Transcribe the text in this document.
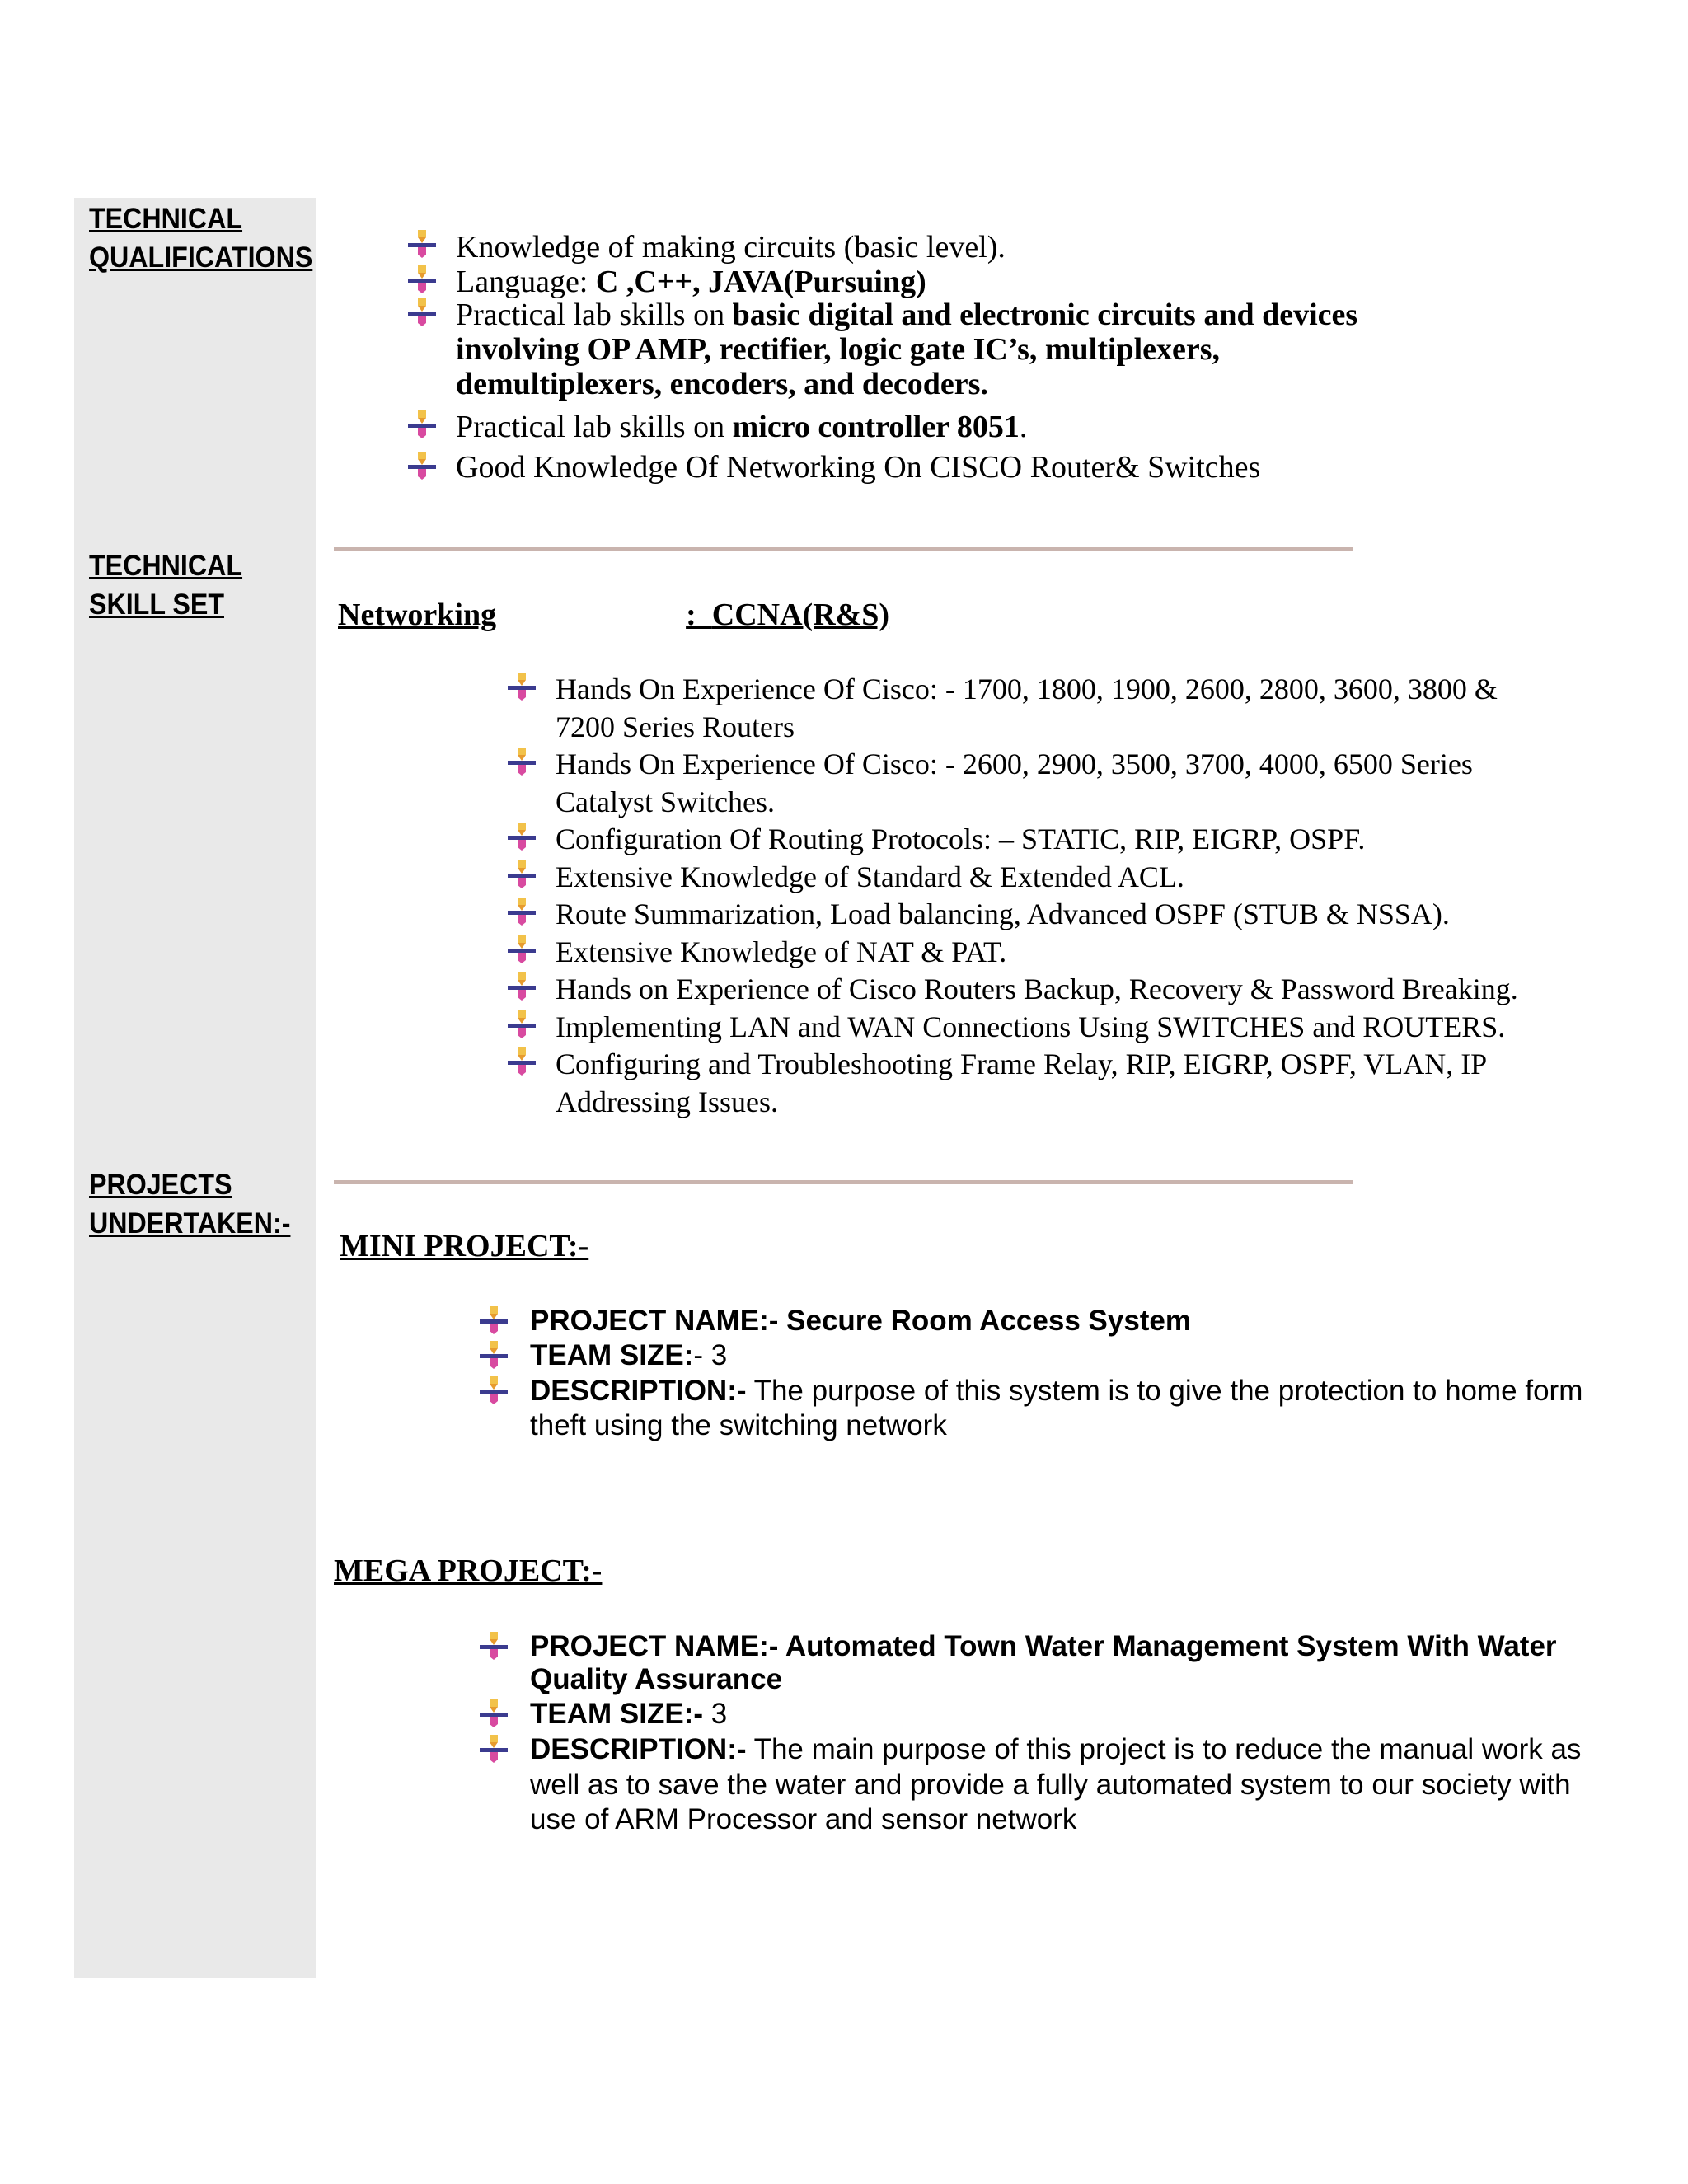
TECHNICAL
QUALIFICATIONS
TECHNICAL
SKILL SET
PROJECTS
UNDERTAKEN:-
Knowledge of making circuits (basic level).
Language: C ,C++, JAVA(Pursuing)
Practical lab skills on basic digital and electronic circuits and devices
involving OP AMP, rectifier, logic gate IC’s, multiplexers,
demultiplexers, encoders, and decoders.
Practical lab skills on micro controller 8051.
Good Knowledge Of Networking On CISCO Router& Switches
Networking	: CCNA(R&S)
Hands On Experience Of Cisco: - 1700, 1800, 1900, 2600, 2800, 3600, 3800 &
7200 Series Routers
Hands On Experience Of Cisco: - 2600, 2900, 3500, 3700, 4000, 6500 Series
Catalyst Switches.
Configuration Of Routing Protocols: – STATIC, RIP, EIGRP, OSPF.
Extensive Knowledge of Standard & Extended ACL.
Route Summarization, Load balancing, Advanced OSPF (STUB & NSSA).
Extensive Knowledge of NAT & PAT.
Hands on Experience of Cisco Routers Backup, Recovery & Password Breaking.
Implementing LAN and WAN Connections Using SWITCHES and ROUTERS.
Configuring and Troubleshooting Frame Relay, RIP, EIGRP, OSPF, VLAN, IP
Addressing Issues.
MINI PROJECT:-
PROJECT NAME:- Secure Room Access System
TEAM SIZE:- 3
DESCRIPTION:- The purpose of this system is to give the protection to home form
theft using the switching network
MEGA PROJECT:-
PROJECT NAME:- Automated Town Water Management System With Water
Quality Assurance
TEAM SIZE:- 3
DESCRIPTION:- The main purpose of this project is to reduce the manual work as
well as to save the water and provide a fully automated system to our society with
use of ARM Processor and sensor network
